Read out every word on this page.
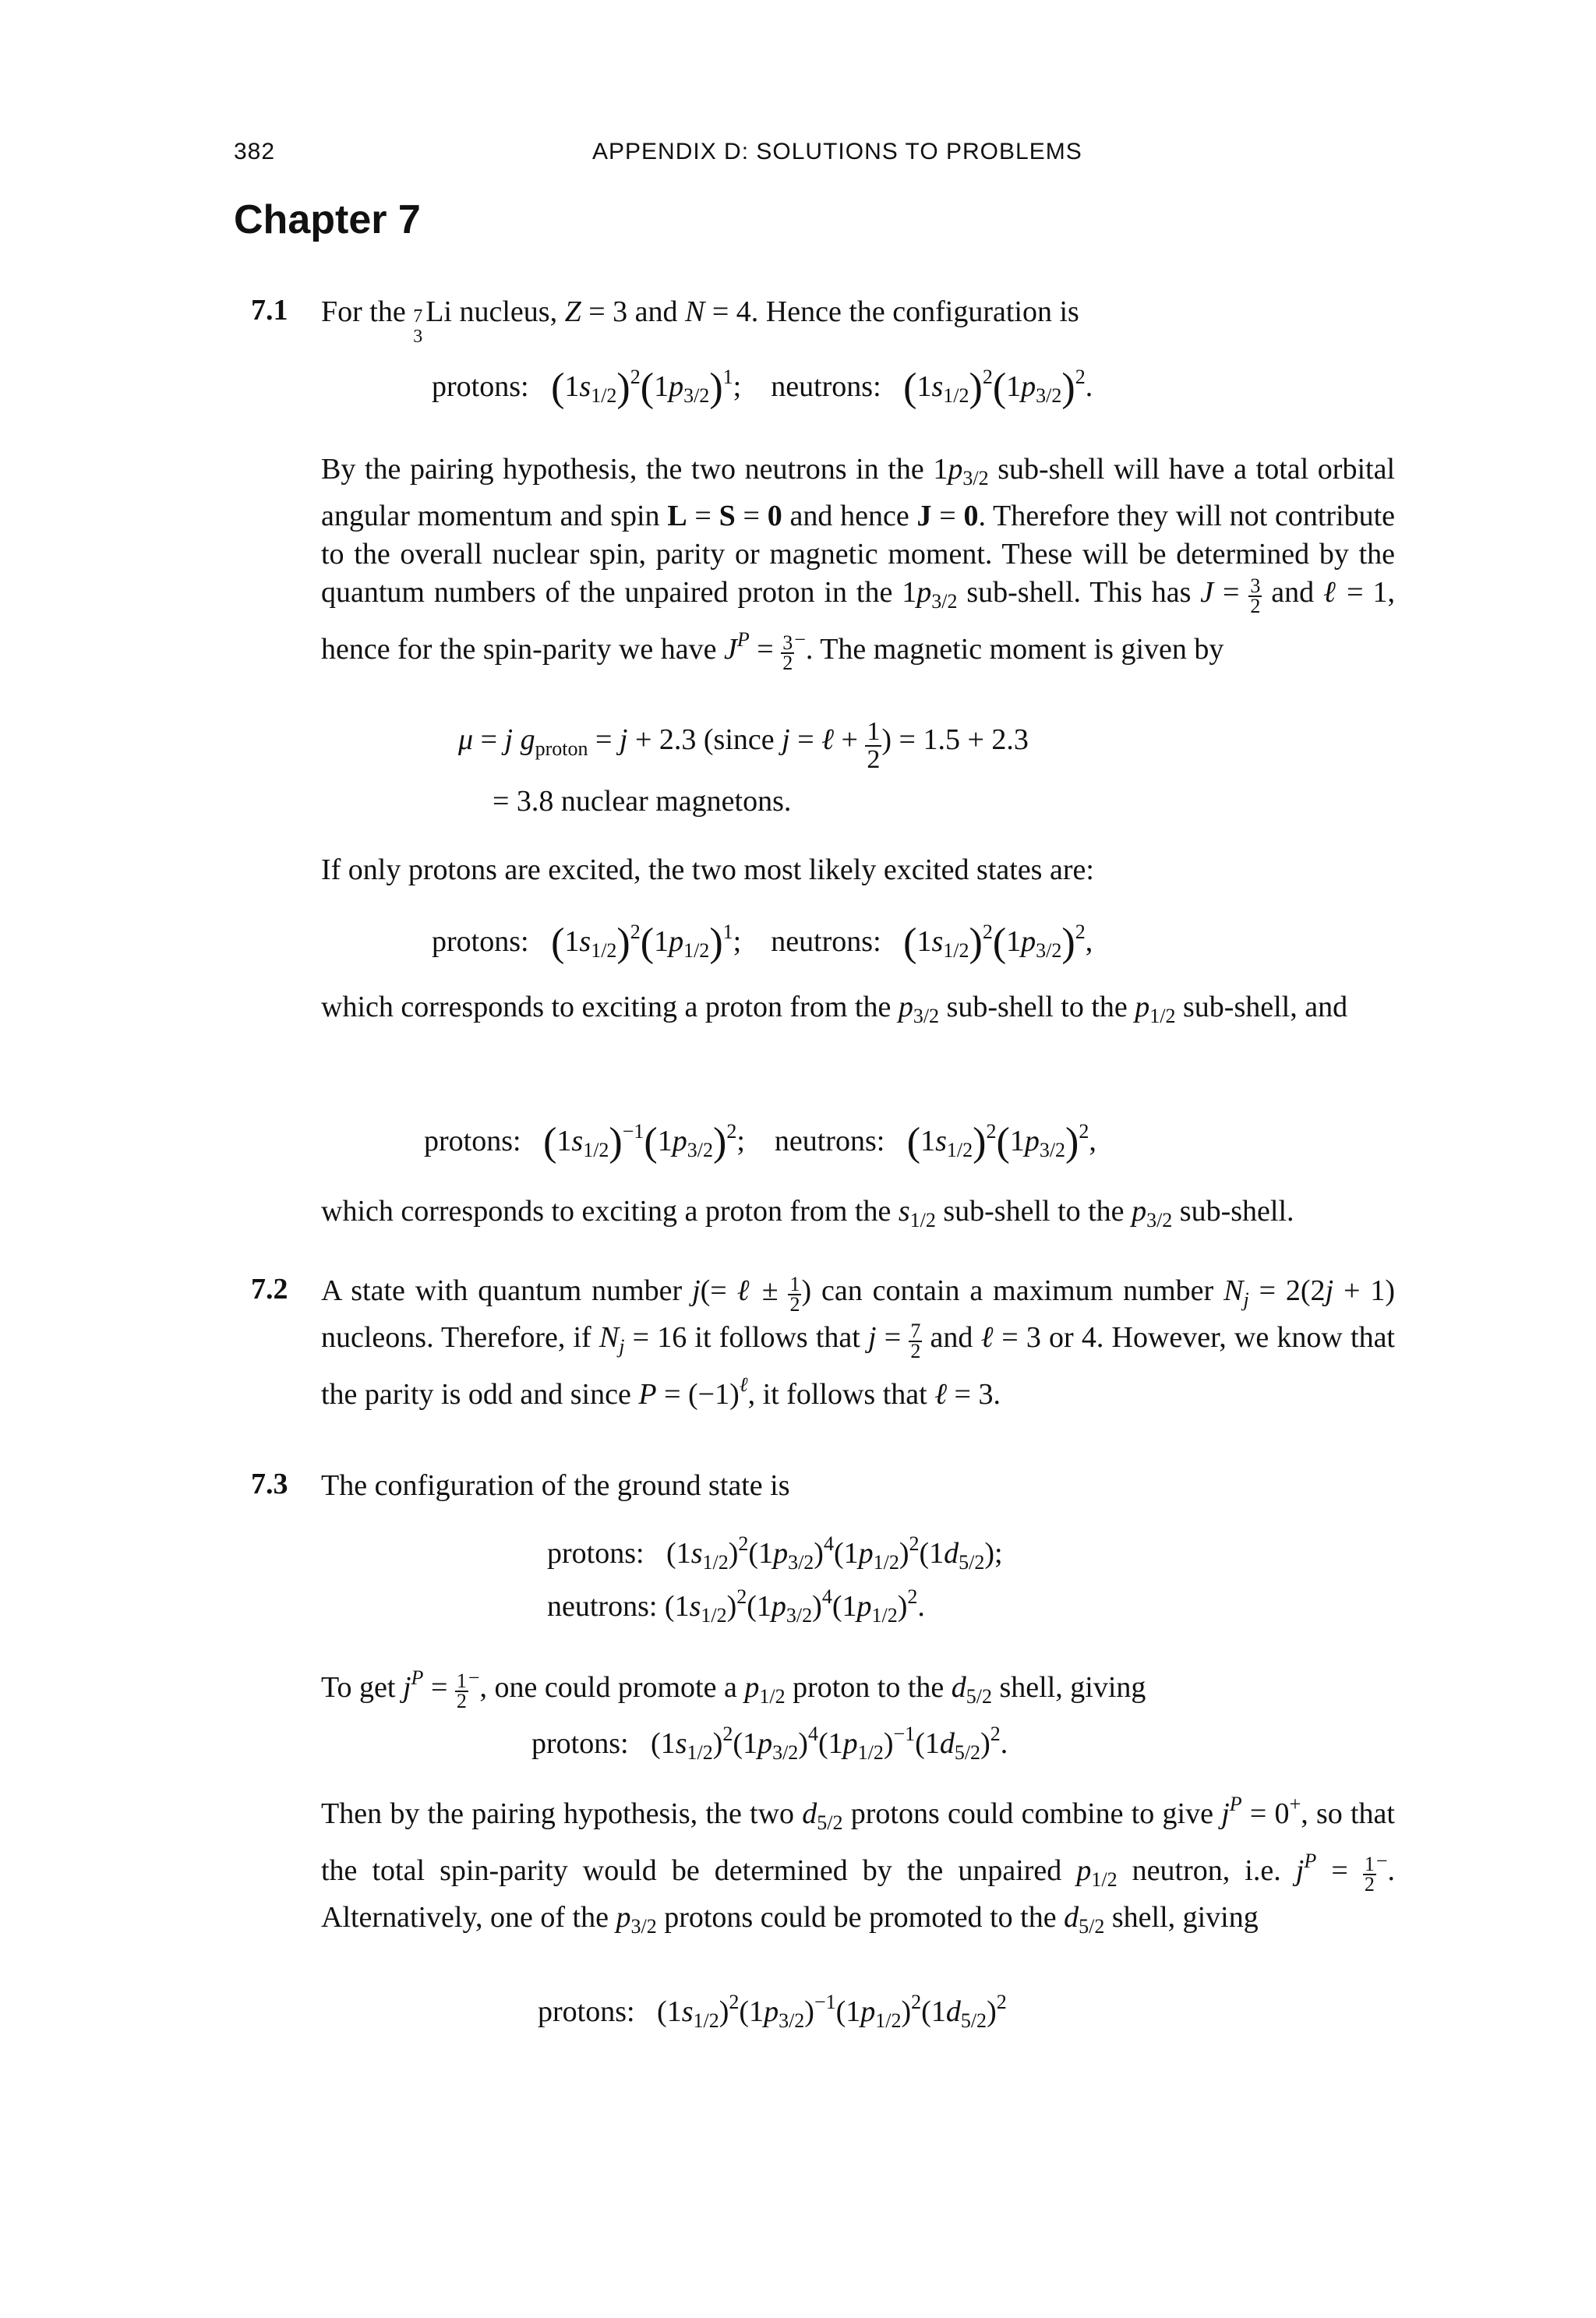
382	APPENDIX D: SOLUTIONS TO PROBLEMS
Chapter 7
7.1 For the 7
3
Li nucleus, Z = 3 and N = 4. Hence the configuration is

protons:   $(1s_{1/2})^2(1p_{3/2})^1$;    neutrons:   $(1s_{1/2})^2(1p_{3/2})^2$.

By the pairing hypothesis, the two neutrons in the $1p_{3/2}$ sub-shell will have a total orbital angular momentum and spin L = S = 0 and hence J = 0. Therefore they will not contribute to the overall nuclear spin, parity or magnetic moment. These will be determined by the quantum numbers of the unpaired proton in the $1p_{3/2}$ sub-shell. This has $J = \frac{3}{2}$ and ℓ = 1, hence for the spin-parity we have $J^P = \frac{3}{2} ^-$. The magnetic moment is given by

μ = j $g_{proton} = j + 2.3$ (since j = ℓ + $\frac{1}{2}$ ) = 1.5 + 2.3
= 3.8 nuclear magnetons.
If only protons are excited, the two most likely excited states are:
protons:   $(1s_{1/2})^2(1p_{1/2})^1$;    neutrons:   $(1s_{1/2})^2(1p_{3/2})^2$,

which corresponds to exciting a proton from the $p_{3/2}$ sub-shell to the $p_{1/2}$ sub-shell, and

protons:   $(1s_{1/2})^{-1}(1p_{3/2})^2$;    neutrons:   $(1s_{1/2})^2(1p_{3/2})^2$,

which corresponds to exciting a proton from the $s_{1/2}$ sub-shell to the $p_{3/2}$ sub-shell.

7.2 A state with quantum number j(= ℓ ± $\frac{1}{2}$ ) can contain a maximum number $N_j = 2(2j + 1)$ nucleons. Therefore, if $N_j = 16$ it follows that $j = \frac{7}{2}$ and ℓ = 3 or 4. However, we know that the parity is odd and since $P = (-1)^\ell$, it follows that ℓ = 3.

7.3 The configuration of the ground state is
protons:   $(1s_{1/2})^2(1p_{3/2})^4(1p_{1/2})^2(1d_{5/2})$;
neutrons: $(1s_{1/2})^2(1p_{3/2})^4(1p_{1/2})^2$.

To get $j^P = \frac{1}{2} ^-$, one could promote a $p_{1/2}$ proton to the $d_{5/2}$ shell, giving

protons:   $(1s_{1/2})^2(1p_{3/2})^4(1p_{1/2})^{-1}(1d_{5/2})^2$.

Then by the pairing hypothesis, the two $d_{5/2}$ protons could combine to give $j^P = 0^+$, so that the total spin-parity would be determined by the unpaired $p_{1/2}$ neutron, i.e. $j^P = \frac{1}{2} ^-$. Alternatively, one of the $p_{3/2}$ protons could be promoted to the $d_{5/2}$ shell, giving

protons:   $(1s_{1/2})^2(1p_{3/2})^{-1}(1p_{1/2})^2(1d_{5/2})^2$
